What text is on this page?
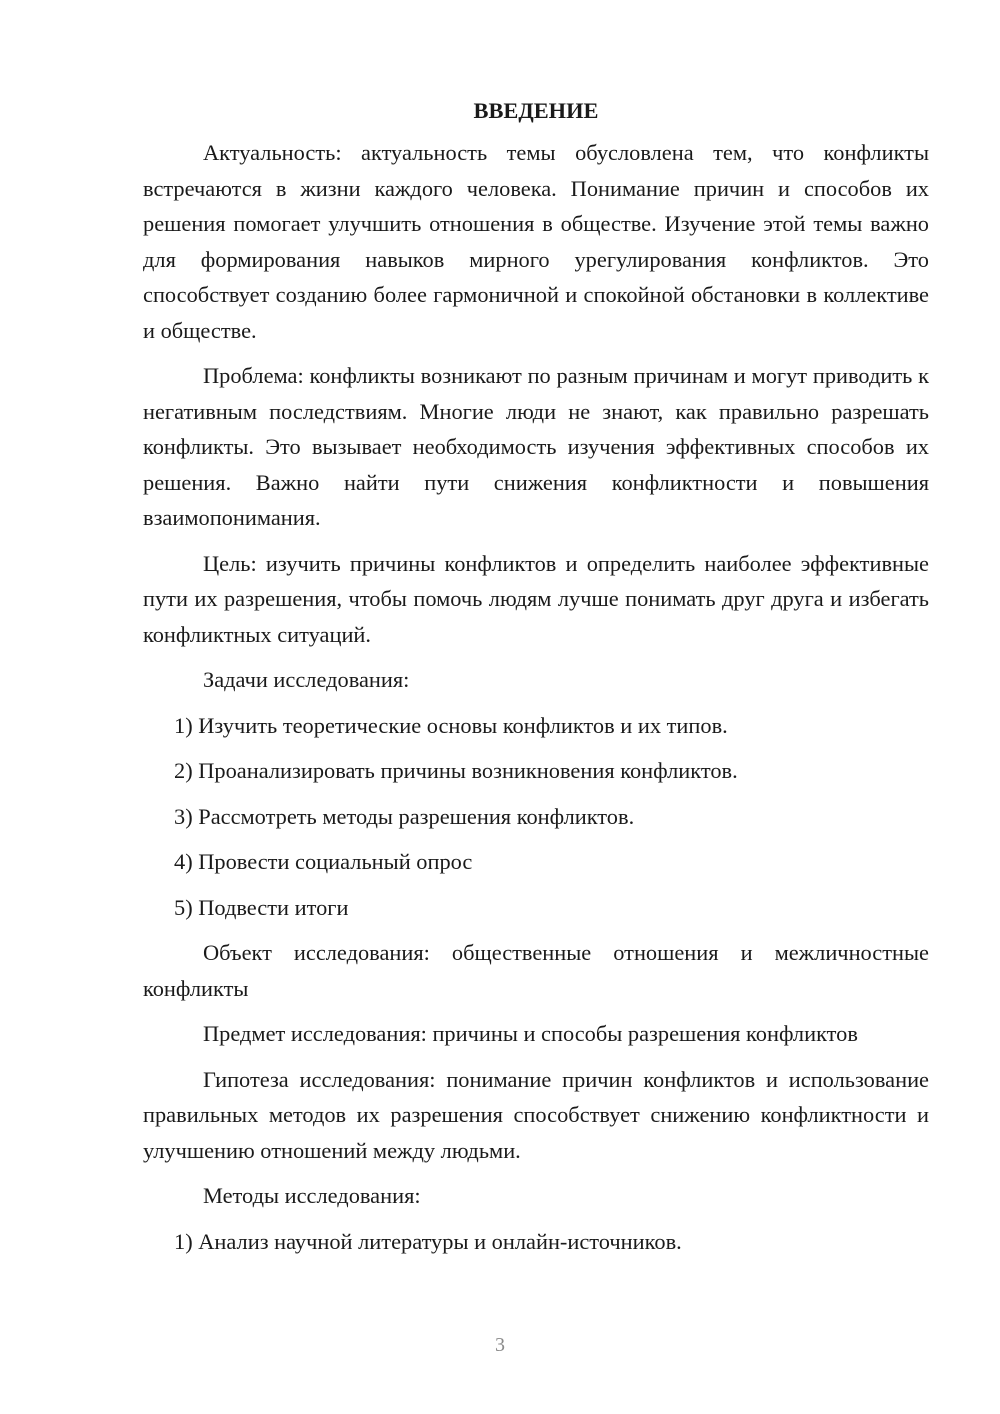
ВВЕДЕНИЕ

Актуальность: актуальность темы обусловлена тем, что конфликты встречаются в жизни каждого человека. Понимание причин и способов их решения помогает улучшить отношения в обществе. Изучение этой темы важно для формирования навыков мирного урегулирования конфликтов. Это способствует созданию более гармоничной и спокойной обстановки в коллективе и обществе.

Проблема: конфликты возникают по разным причинам и могут приводить к негативным последствиям. Многие люди не знают, как правильно разрешать конфликты. Это вызывает необходимость изучения эффективных способов их решения. Важно найти пути снижения конфликтности и повышения взаимопонимания.

Цель: изучить причины конфликтов и определить наиболее эффективные пути их разрешения, чтобы помочь людям лучше понимать друг друга и избегать конфликтных ситуаций.

Задачи исследования:

1) Изучить теоретические основы конфликтов и их типов.

2) Проанализировать причины возникновения конфликтов.

3) Рассмотреть методы разрешения конфликтов.

4) Провести социальный опрос

5) Подвести итоги

Объект исследования: общественные отношения и межличностные конфликты

Предмет исследования: причины и способы разрешения конфликтов

Гипотеза исследования: понимание причин конфликтов и использование правильных методов их разрешения способствует снижению конфликтности и улучшению отношений между людьми.

Методы исследования:

1) Анализ научной литературы и онлайн-источников.

3
